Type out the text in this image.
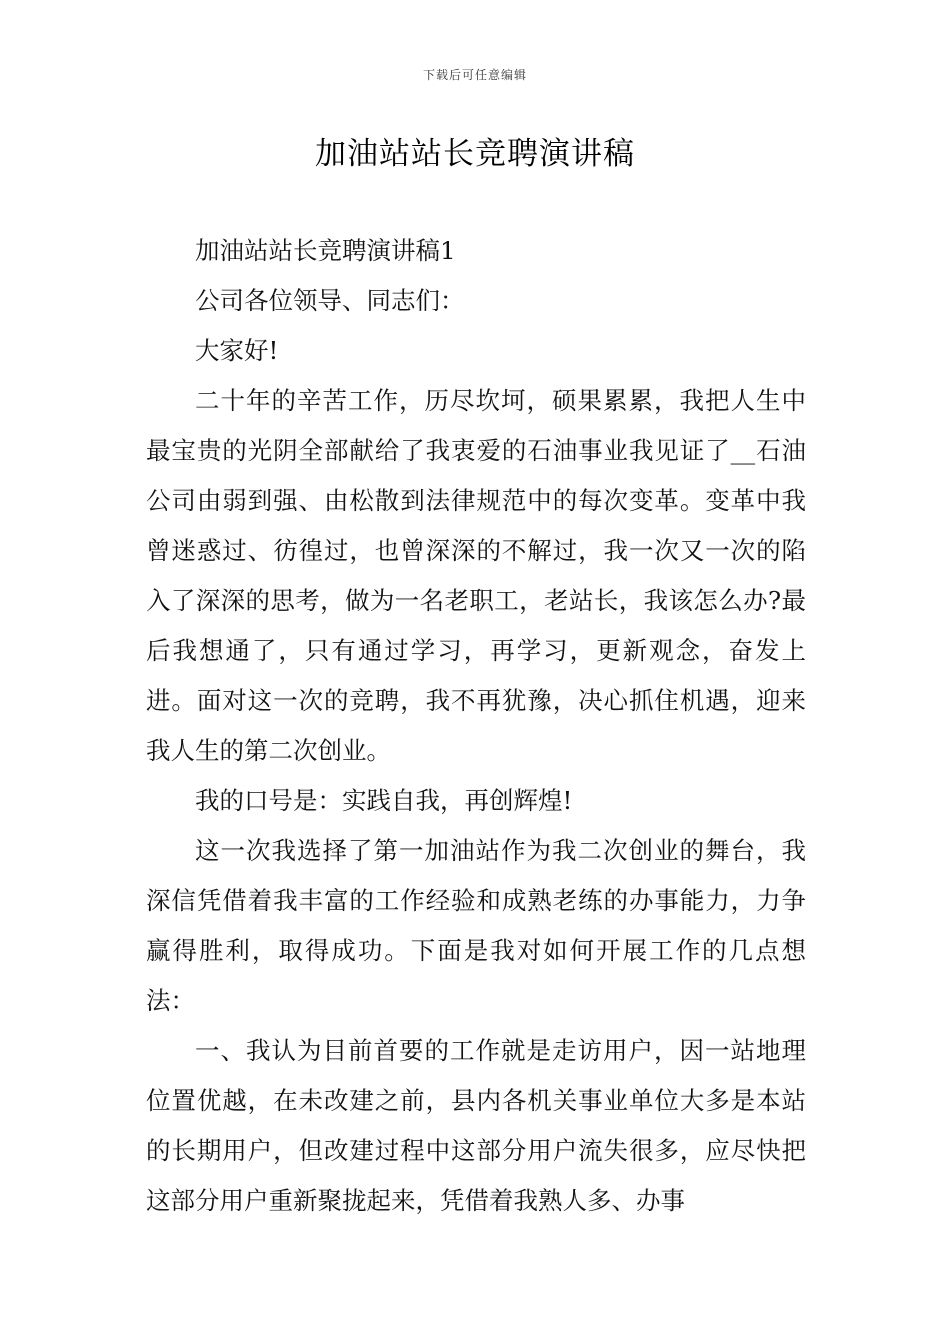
下载后可任意编辑
加油站站长竞聘演讲稿

加油站站长竞聘演讲稿1

公司各位领导、同志们：

大家好!

二十年的辛苦工作，历尽坎坷，硕果累累，我把人生中最宝贵的光阴全部献给了我衷爱的石油事业我见证了__石油公司由弱到强、由松散到法律规范中的每次变革。变革中我曾迷惑过、彷徨过，也曾深深的不解过，我一次又一次的陷入了深深的思考，做为一名老职工，老站长，我该怎么办?最后我想通了，只有通过学习，再学习，更新观念，奋发上进。面对这一次的竞聘，我不再犹豫，决心抓住机遇，迎来我人生的第二次创业。

我的口号是：实践自我，再创辉煌!

这一次我选择了第一加油站作为我二次创业的舞台，我深信凭借着我丰富的工作经验和成熟老练的办事能力，力争赢得胜利，取得成功。下面是我对如何开展工作的几点想法：

一、我认为目前首要的工作就是走访用户，因一站地理位置优越，在未改建之前，县内各机关事业单位大多是本站的长期用户，但改建过程中这部分用户流失很多，应尽快把这部分用户重新聚拢起来，凭借着我熟人多、办事
